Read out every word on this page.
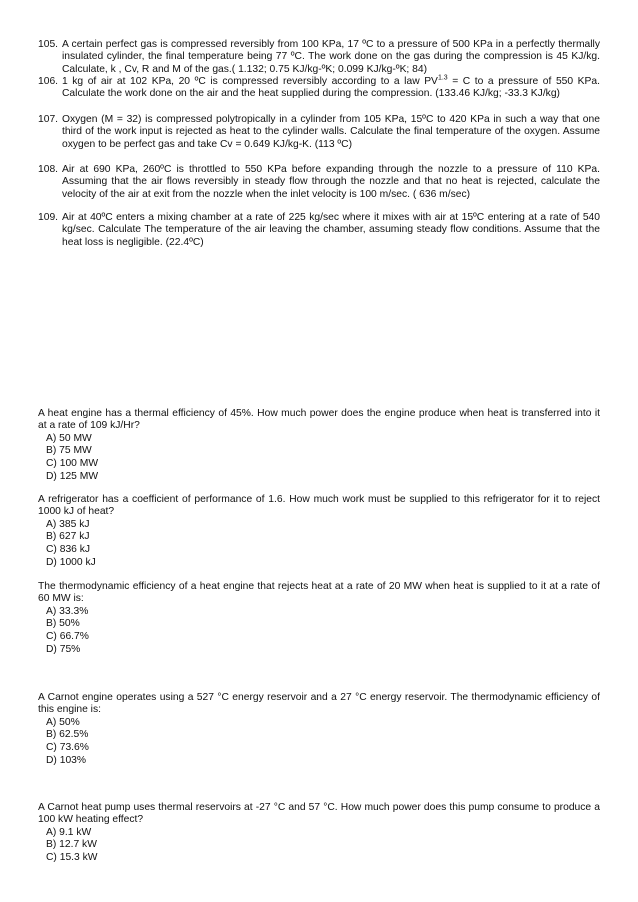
105. A certain perfect gas is compressed reversibly from 100 KPa, 17 ºC to a pressure of 500 KPa in a perfectly thermally insulated cylinder, the final temperature being 77 ºC. The work done on the gas during the compression is 45 KJ/kg. Calculate, k , Cv, R and M of the gas.( 1.132; 0.75 KJ/kg-ºK; 0.099 KJ/kg-ºK; 84)
106. 1 kg of air at 102 KPa, 20 ºC is compressed reversibly according to a law $PV^{1.3} = C$ to a pressure of 550 KPa. Calculate the work done on the air and the heat supplied during the compression. (133.46 KJ/kg; -33.3 KJ/kg)
107. Oxygen (M = 32) is compressed polytropically in a cylinder from 105 KPa, 15ºC to 420 KPa in such a way that one third of the work input is rejected as heat to the cylinder walls. Calculate the final temperature of the oxygen. Assume oxygen to be perfect gas and take Cv = 0.649 KJ/kg-K. (113 ºC)
108. Air at 690 KPa, 260ºC is throttled to 550 KPa before expanding through the nozzle to a pressure of 110 KPa. Assuming that the air flows reversibly in steady flow through the nozzle and that no heat is rejected, calculate the velocity of the air at exit from the nozzle when the inlet velocity is 100 m/sec. ( 636 m/sec)
109. Air at 40ºC enters a mixing chamber at a rate of 225 kg/sec where it mixes with air at 15ºC entering at a rate of 540 kg/sec. Calculate The temperature of the air leaving the chamber, assuming steady flow conditions. Assume that the heat loss is negligible. (22.4ºC)
A heat engine has a thermal efficiency of 45%. How much power does the engine produce when heat is transferred into it at a rate of 109 kJ/Hr?
A) 50 MW
B) 75 MW
C) 100 MW
D) 125 MW
A refrigerator has a coefficient of performance of 1.6. How much work must be supplied to this refrigerator for it to reject 1000 kJ of heat?
A) 385 kJ
B) 627 kJ
C) 836 kJ
D) 1000 kJ
The thermodynamic efficiency of a heat engine that rejects heat at a rate of 20 MW when heat is supplied to it at a rate of 60 MW is:
A) 33.3%
B) 50%
C) 66.7%
D) 75%
A Carnot engine operates using a 527 °C energy reservoir and a 27 °C energy reservoir. The thermodynamic efficiency of this engine is:
A) 50%
B) 62.5%
C) 73.6%
D) 103%
A Carnot heat pump uses thermal reservoirs at -27 °C and 57 °C. How much power does this pump consume to produce a 100 kW heating effect?
A) 9.1 kW
B) 12.7 kW
C) 15.3 kW
